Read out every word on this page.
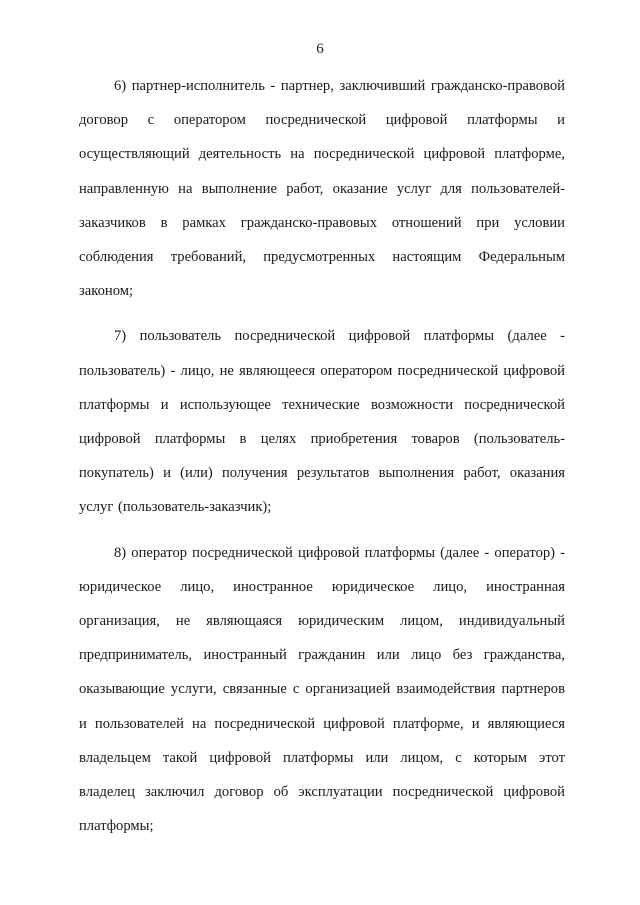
6

6) партнер-исполнитель - партнер, заключивший гражданско-правовой договор с оператором посреднической цифровой платформы и осуществляющий деятельность на посреднической цифровой платформе, направленную на выполнение работ, оказание услуг для пользователей-заказчиков в рамках гражданско-правовых отношений при условии соблюдения требований, предусмотренных настоящим Федеральным законом;

7) пользователь посреднической цифровой платформы (далее - пользователь) - лицо, не являющееся оператором посреднической цифровой платформы и использующее технические возможности посреднической цифровой платформы в целях приобретения товаров (пользователь-покупатель) и (или) получения результатов выполнения работ, оказания услуг (пользователь-заказчик);

8) оператор посреднической цифровой платформы (далее - оператор) - юридическое лицо, иностранное юридическое лицо, иностранная организация, не являющаяся юридическим лицом, индивидуальный предприниматель, иностранный гражданин или лицо без гражданства, оказывающие услуги, связанные с организацией взаимодействия партнеров и пользователей на посреднической цифровой платформе, и являющиеся владельцем такой цифровой платформы или лицом, с которым этот владелец заключил договор об эксплуатации посреднической цифровой платформы;
